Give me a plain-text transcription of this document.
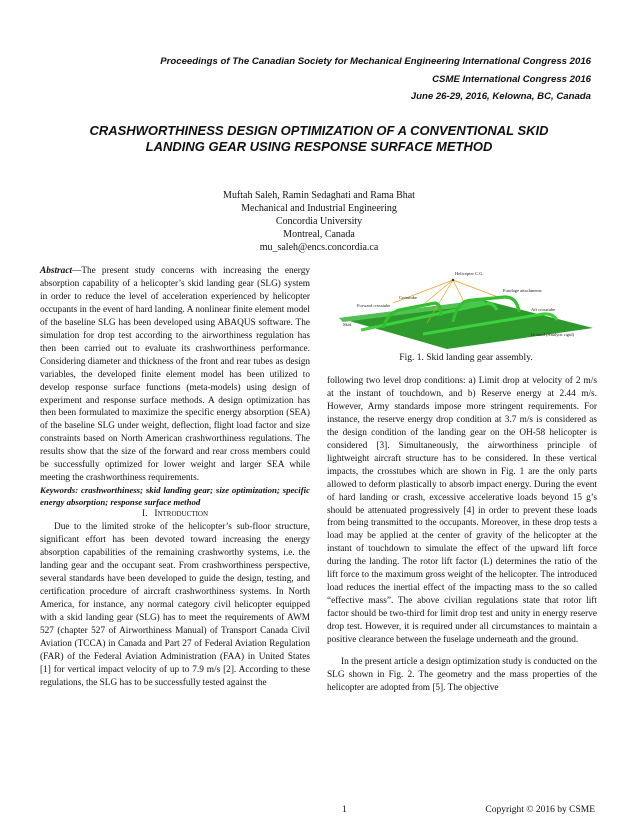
Proceedings of The Canadian Society for Mechanical Engineering International Congress 2016
CSME International Congress 2016
June 26-29, 2016, Kelowna, BC, Canada
CRASHWORTHINESS DESIGN OPTIMIZATION OF A CONVENTIONAL SKID
LANDING GEAR USING RESPONSE SURFACE METHOD
Muftah Saleh, Ramin Sedaghati and Rama Bhat
Mechanical and Industrial Engineering
Concordia University
Montreal, Canada
mu_saleh@encs.concordia.ca

Abstract—The present study concerns with increasing the energy absorption capability of a helicopter’s skid landing gear (SLG) system in order to reduce the level of acceleration experienced by helicopter occupants in the event of hard landing. A nonlinear finite element model of the baseline SLG has been developed using ABAQUS software. The simulation for drop test according to the airworthiness regulation has then been carried out to evaluate its crashworthiness performance. Considering diameter and thickness of the front and rear tubes as design variables, the developed finite element model has been utilized to develop response surface functions (meta-models) using design of experiment and response surface methods. A design optimization has then been formulated to maximize the specific energy absorption (SEA) of the baseline SLG under weight, deflection, flight load factor and size constraints based on North American crashworthiness regulations. The results show that the size of the forward and rear cross members could be successfully optimized for lower weight and larger SEA while meeting the crashworthiness requirements.

Keywords: crashworthiness; skid landing gear; size optimization; specific energy absorption; response surface method

I. Introduction

Due to the limited stroke of the helicopter’s sub-floor structure, significant effort has been devoted toward increasing the energy absorption capabilities of the remaining crashworthy systems, i.e. the landing gear and the occupant seat. From crashworthiness perspective, several standards have been developed to guide the design, testing, and certification procedure of aircraft crashworthiness systems. In North America, for instance, any normal category civil helicopter equipped with a skid landing gear (SLG) has to meet the requirements of AWM 527 (chapter 527 of Airworthiness Manual) of Transport Canada Civil Aviation (TCCA) in Canada and Part 27 of Federal Aviation Regulation (FAR) of the Federal Aviation Administration (FAA) in United States [1] for vertical impact velocity of up to 7.9 m/s [2]. According to these regulations, the SLG has to be successfully tested against the

Helicopter C.G.
Crosstube
Fuselage attachments
Forward crosstube
Aft crosstube
Skid
Ground (Analytic rigid)
Fig. 1. Skid landing gear assembly.

following two level drop conditions: a) Limit drop at velocity of 2 m/s at the instant of touchdown, and b) Reserve energy at 2.44 m/s. However, Army standards impose more stringent requirements. For instance, the reserve energy drop condition at 3.7 m/s is considered as the design condition of the landing gear on the OH-58 helicopter is considered [3]. Simultaneously, the airworthiness principle of lightweight aircraft structure has to be considered. In these vertical impacts, the crosstubes which are shown in Fig. 1 are the only parts allowed to deform plastically to absorb impact energy. During the event of hard landing or crash, excessive accelerative loads beyond 15 g’s should be attenuated progressively [4] in order to prevent these loads from being transmitted to the occupants. Moreover, in these drop tests a load may be applied at the center of gravity of the helicopter at the instant of touchdown to simulate the effect of the upward lift force during the landing. The rotor lift factor (L) determines the ratio of the lift force to the maximum gross weight of the helicopter. The introduced load reduces the inertial effect of the impacting mass to the so called “effective mass”. The above civilian regulations state that rotor lift factor should be two-third for limit drop test and unity in energy reserve drop test. However, it is required under all circumstances to maintain a positive clearance between the fuselage underneath and the ground.

In the present article a design optimization study is conducted on the SLG shown in Fig. 2. The geometry and the mass properties of the helicopter are adopted from [5]. The objective

1	Copyright © 2016 by CSME
